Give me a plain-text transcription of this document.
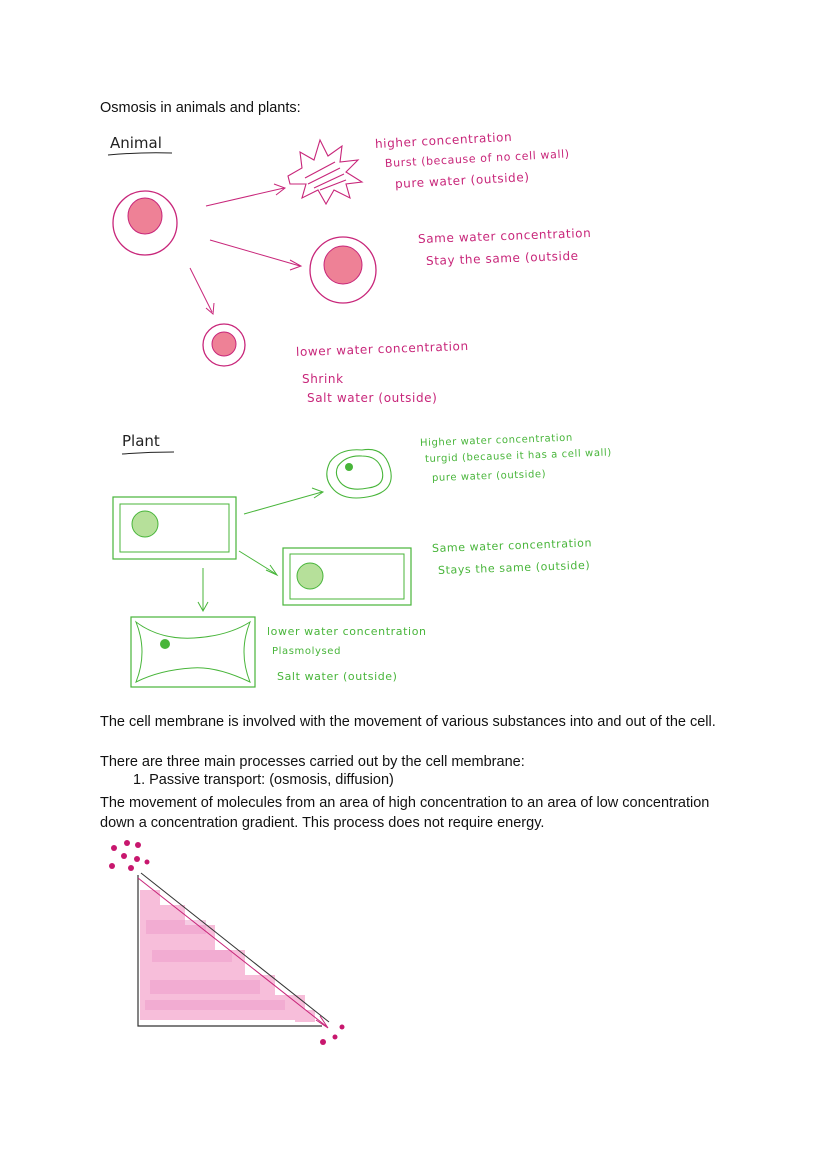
Osmosis in animals and plants:
Animal	higher concentration
Burst (because of no cell wall)
pure water (outside)
Same water concentration
Stay the same (outside
lower water concentration
Shrink
Salt water (outside)
Plant	Higher water concentration
turgid (because it has a cell wall)
pure water (outside)
Same water concentration
Stays the same (outside)
lower water concentration
Plasmolysed
Salt water (outside)
The cell membrane is involved with the movement of various substances into and out of the cell.
There are three main processes carried out by the cell membrane:
1. Passive transport: (osmosis, diffusion)
The movement of molecules from an area of high concentration to an area of low concentration down a concentration gradient. This process does not require energy.
